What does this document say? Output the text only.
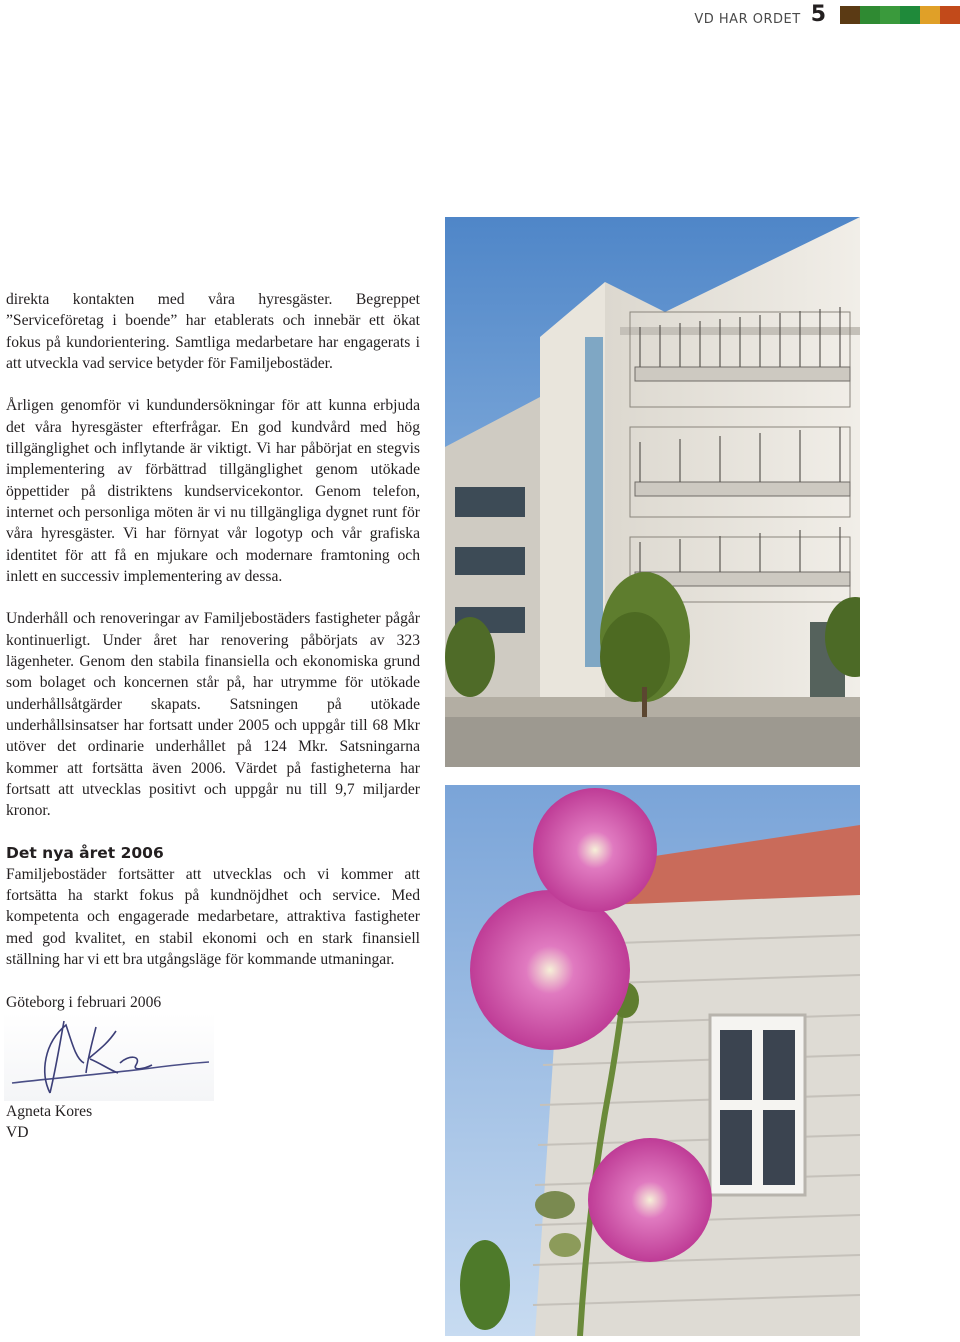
VD HAR ORDET 5

direkta kontakten med våra hyresgäster. Begreppet ”Serviceföretag i boende” har etablerats och innebär ett ökat fokus på kundorientering. Samtliga medarbetare har engagerats i att utveckla vad service betyder för Familjebostäder.

Årligen genomför vi kundundersökningar för att kunna erbjuda det våra hyresgäster efterfrågar. En god kundvård med hög tillgänglighet och inflytande är viktigt. Vi har påbörjat en stegvis implementering av förbättrad tillgänglighet genom utökade öppettider på distriktens kundservicekontor. Genom telefon, internet och personliga möten är vi nu tillgängliga dygnet runt för våra hyresgäster. Vi har förnyat vår logotyp och vår grafiska identitet för att få en mjukare och modernare framtoning och inlett en successiv implementering av dessa.

Underhåll och renoveringar av Familjebostäders fastigheter pågår kontinuerligt. Under året har renovering påbörjats av 323 lägenheter. Genom den stabila finansiella och ekonomiska grund som bolaget och koncernen står på, har utrymme för utökade underhållsåtgärder skapats. Satsningen på utökade underhållsinsatser har fortsatt under 2005 och uppgår till 68 Mkr utöver det ordinarie underhållet på 124 Mkr. Satsningarna kommer att fortsätta även 2006. Värdet på fastigheterna har fortsatt att utvecklas positivt och uppgår nu till 9,7 miljarder kronor.

Det nya året 2006

Familjebostäder fortsätter att utvecklas och vi kommer att fortsätta ha starkt fokus på kundnöjdhet och service. Med kompetenta och engagerade medarbetare, attraktiva fastigheter med god kvalitet, en stabil ekonomi och en stark finansiell ställning har vi ett bra utgångsläge för kommande utmaningar.

Göteborg i februari 2006

Agneta Kores

VD
